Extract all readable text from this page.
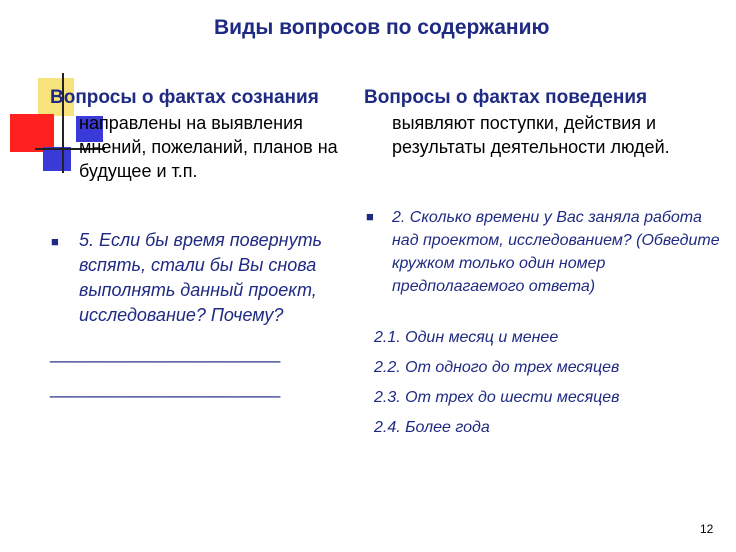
Виды вопросов по содержанию
Вопросы о фактах сознания
направлены на выявления мнений, пожеланий, планов на будущее и т.п.
■ 5. Если бы время повернуть вспять, стали бы Вы снова выполнять данный проект, исследование? Почему?
_______________________
_______________________
Вопросы о фактах поведения
выявляют поступки, действия и результаты деятельности людей.
■ 2. Сколько времени у Вас заняла работа над проектом, исследованием? (Обведите кружком только один номер предполагаемого ответа)
2.1. Один месяц и менее
2.2. От одного до трех месяцев
2.3. От трех до шести месяцев
2.4. Более года
12
